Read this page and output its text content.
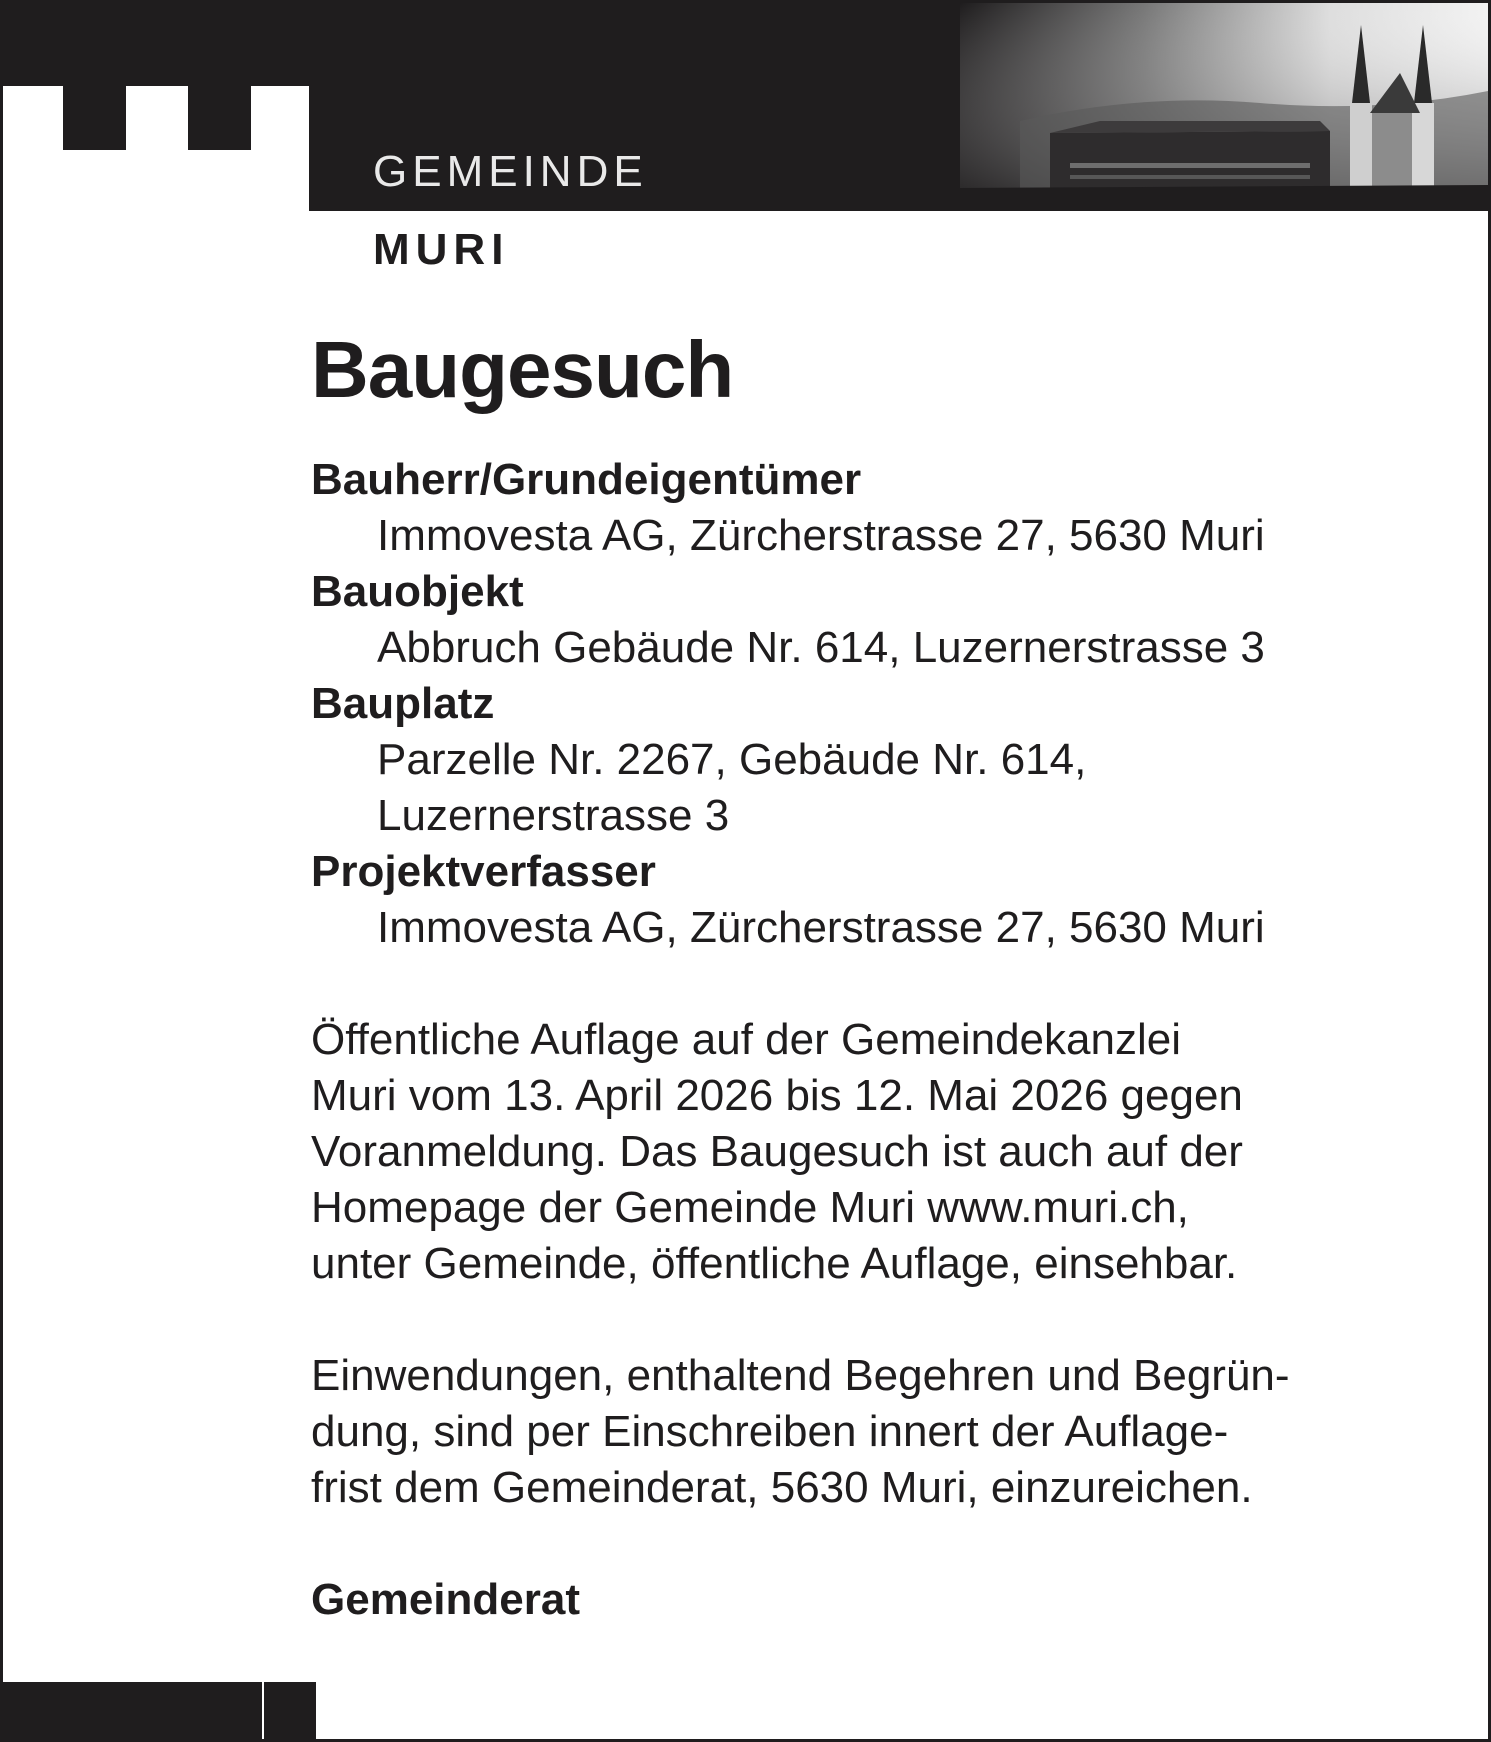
GEMEINDE
MURI
Baugesuch
Bauherr/Grundeigentümer
Immovesta AG, Zürcherstrasse 27, 5630 Muri
Bauobjekt
Abbruch Gebäude Nr. 614, Luzernerstrasse 3
Bauplatz
Parzelle Nr. 2267, Gebäude Nr. 614,
Luzernerstrasse 3
Projektverfasser
Immovesta AG, Zürcherstrasse 27, 5630 Muri

Öffentliche Auflage auf der Gemeindekanzlei

Muri vom 13. April 2026 bis 12. Mai 2026 gegen

Voranmeldung. Das Baugesuch ist auch auf der

Homepage der Gemeinde Muri www.muri.ch,

unter Gemeinde, öffentliche Auflage, einsehbar.

Einwendungen, enthaltend Begehren und Begrün-

dung, sind per Einschreiben innert der Auflage-

frist dem Gemeinderat, 5630 Muri, einzureichen.

Gemeinderat
